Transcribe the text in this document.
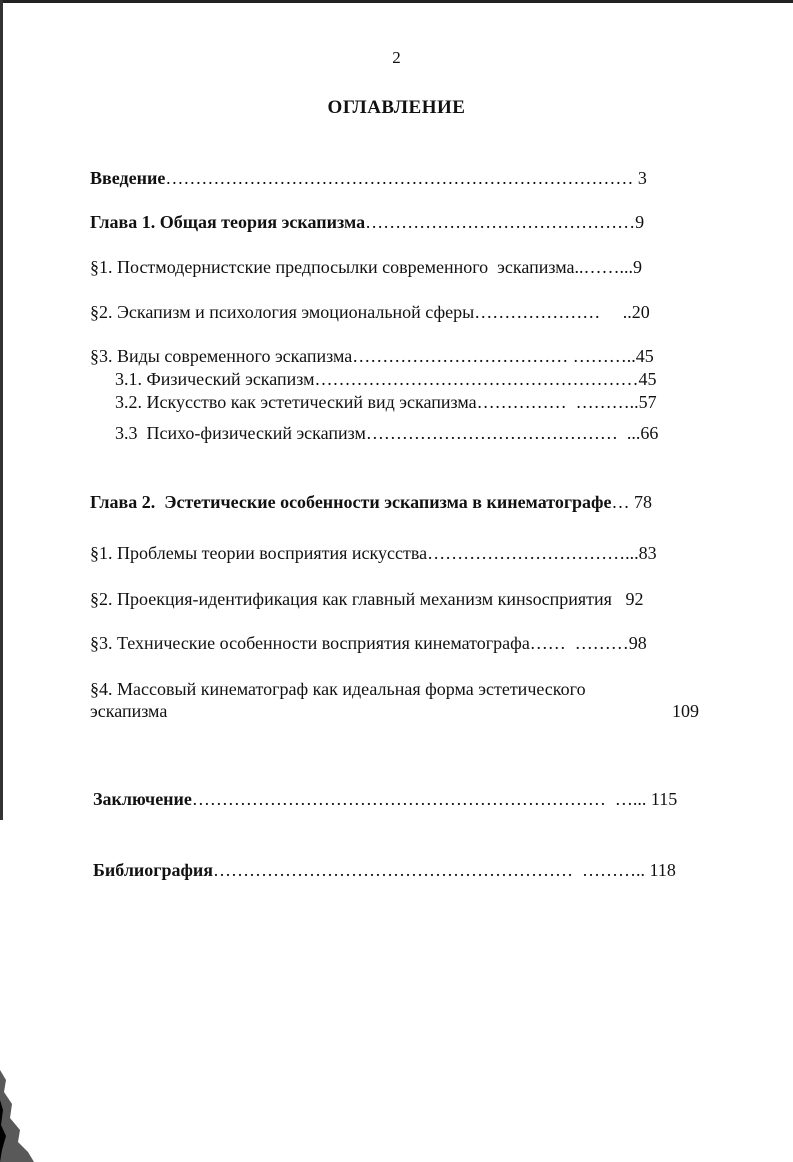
2
ОГЛАВЛЕНИЕ
Введение…………………………………………………………………… 3
Глава 1. Общая теория эскапизма………………………………………9
§1. Постмодернистские предпосылки современного  эскапизма..……...9
§2. Эскапизм и психология эмоциональной сферы…………………     ..20
§3. Виды современного эскапизма……………………………… ………..45
3.1. Физический эскапизм………………………………………………45
3.2. Искусство как эстетический вид эскапизма……………  ………..57
3.3  Психо-физический эскапизм……………………………………  ...66
Глава 2.  Эстетические особенности эскапизма в кинематографе… 78
§1. Проблемы теории восприятия искусства……………………………...83
§2. Проекция-идентификация как главный механизм кинsocприятия   92
§3. Технические особенности восприятия кинематографа……  ………98
§4. Массовый кинематограф как идеальная форма эстетического
эскапизма	109
Заключение……………………………………………………………  …... 115
Библиография……………………………………………………  ……….. 118
